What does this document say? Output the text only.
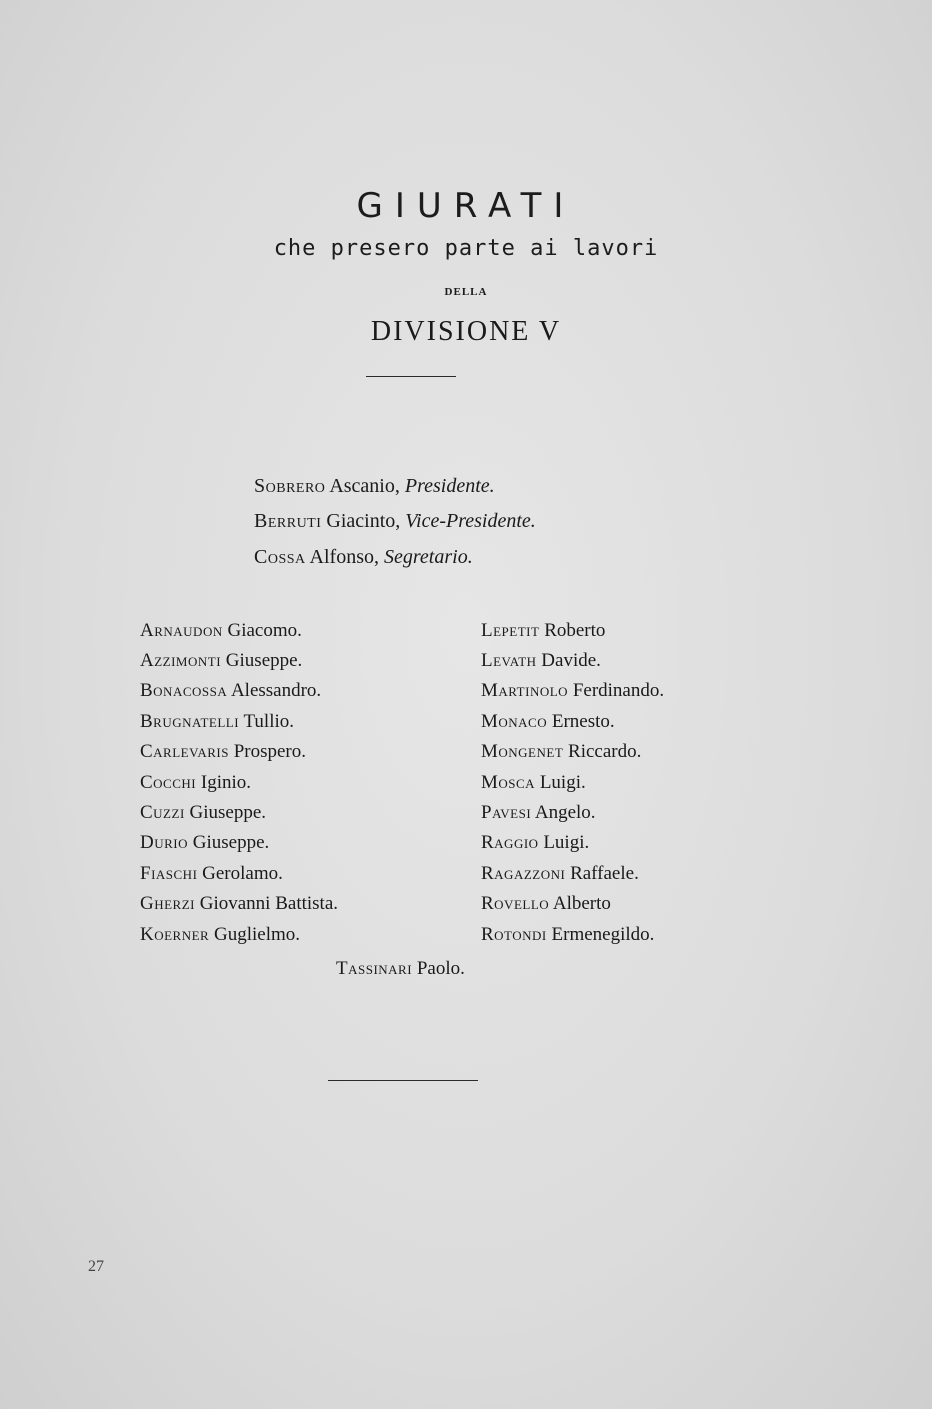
GIURATI
che presero parte ai lavori
DELLA
DIVISIONE V
Sobrero Ascanio, Presidente.
Berruti Giacinto, Vice-Presidente.
Cossa Alfonso, Segretario.
Arnaudon Giacomo.
Azzimonti Giuseppe.
Bonacossa Alessandro.
Brugnatelli Tullio.
Carlevaris Prospero.
Cocchi Iginio.
Cuzzi Giuseppe.
Durio Giuseppe.
Fiaschi Gerolamo.
Gherzi Giovanni Battista.
Koerner Guglielmo.
Lepetit Roberto
Levath Davide.
Martinolo Ferdinando.
Monaco Ernesto.
Mongenet Riccardo.
Mosca Luigi.
Pavesi Angelo.
Raggio Luigi.
Ragazzoni Raffaele.
Rovello Alberto
Rotondi Ermenegildo.
Tassinari Paolo.
27
